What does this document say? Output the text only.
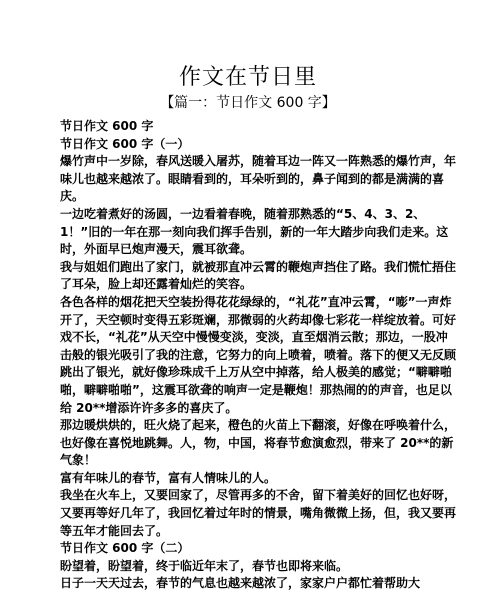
作文在节日里
【篇一：节日作文 600 字】

节日作文 600 字

节日作文 600 字（一）

爆竹声中一岁除，春风送暖入屠苏，随着耳边一阵又一阵熟悉的爆竹声，年味儿也越来越浓了。眼睛看到的，耳朵听到的，鼻子闻到的都是满满的喜庆。

一边吃着煮好的汤圆，一边看着春晚，随着那熟悉的“5、4、3、2、1！”旧的一年在那一刻向我们挥手告别，新的一年大踏步向我们走来。这时，外面早已炮声漫天，震耳欲聋。

我与姐姐们跑出了家门，就被那直冲云霄的鞭炮声挡住了路。我们慌忙捂住了耳朵，脸上却还露着灿烂的笑容。

各色各样的烟花把天空装扮得花花绿绿的，“礼花”直冲云霄，“嘭”一声炸开了，天空顿时变得五彩斑斓，那微弱的火药却像七彩花一样绽放着。可好戏不长，“礼花”从天空中慢慢变淡，变淡，直至烟消云散；那边，一股冲击般的银光吸引了我的注意，它努力的向上喷着，喷着。落下的便又无反顾跳出了银光，就好像珍珠成千上万从空中掉落，给人极美的感觉；“噼噼啪啪，噼噼啪啪”，这震耳欲聋的响声一定是鞭炮！那热闹的的声音，也足以给 20**增添许许多多的喜庆了。

那边暖烘烘的，旺火烧了起来，橙色的火苗上下翻滚，好像在呼唤着什么，也好像在喜悦地跳舞。人，物，中国，将春节愈演愈烈，带来了 20**的新气象！

富有年味儿的春节，富有人情味儿的人。

我坐在火车上，又要回家了，尽管再多的不舍，留下着美好的回忆也好呀，又要再等好几年了，我回忆着过年时的情景，嘴角微微上扬，但，我又要再等五年才能回去了。

节日作文 600 字（二）

盼望着，盼望着，终于临近年末了，春节也即将来临。

日子一天天过去，春节的气息也越来越浓了，家家户户都忙着帮助大
